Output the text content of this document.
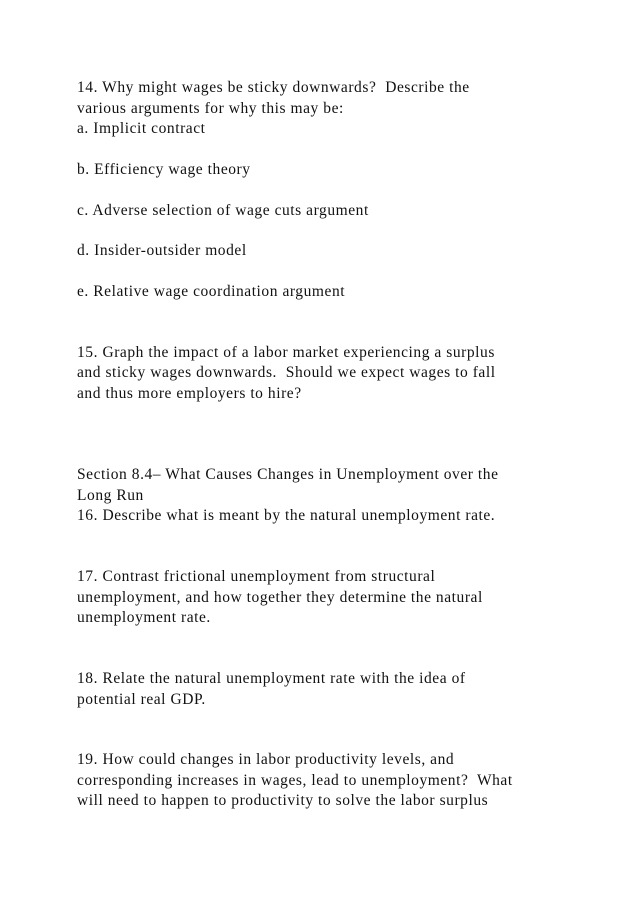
14. Why might wages be sticky downwards?  Describe the
various arguments for why this may be:
a. Implicit contract
b. Efficiency wage theory
c. Adverse selection of wage cuts argument
d. Insider-outsider model
e. Relative wage coordination argument
15. Graph the impact of a labor market experiencing a surplus
and sticky wages downwards.  Should we expect wages to fall
and thus more employers to hire?
Section 8.4– What Causes Changes in Unemployment over the
Long Run
16. Describe what is meant by the natural unemployment rate.
17. Contrast frictional unemployment from structural
unemployment, and how together they determine the natural
unemployment rate.
18. Relate the natural unemployment rate with the idea of
potential real GDP.
19. How could changes in labor productivity levels, and
corresponding increases in wages, lead to unemployment?  What
will need to happen to productivity to solve the labor surplus
